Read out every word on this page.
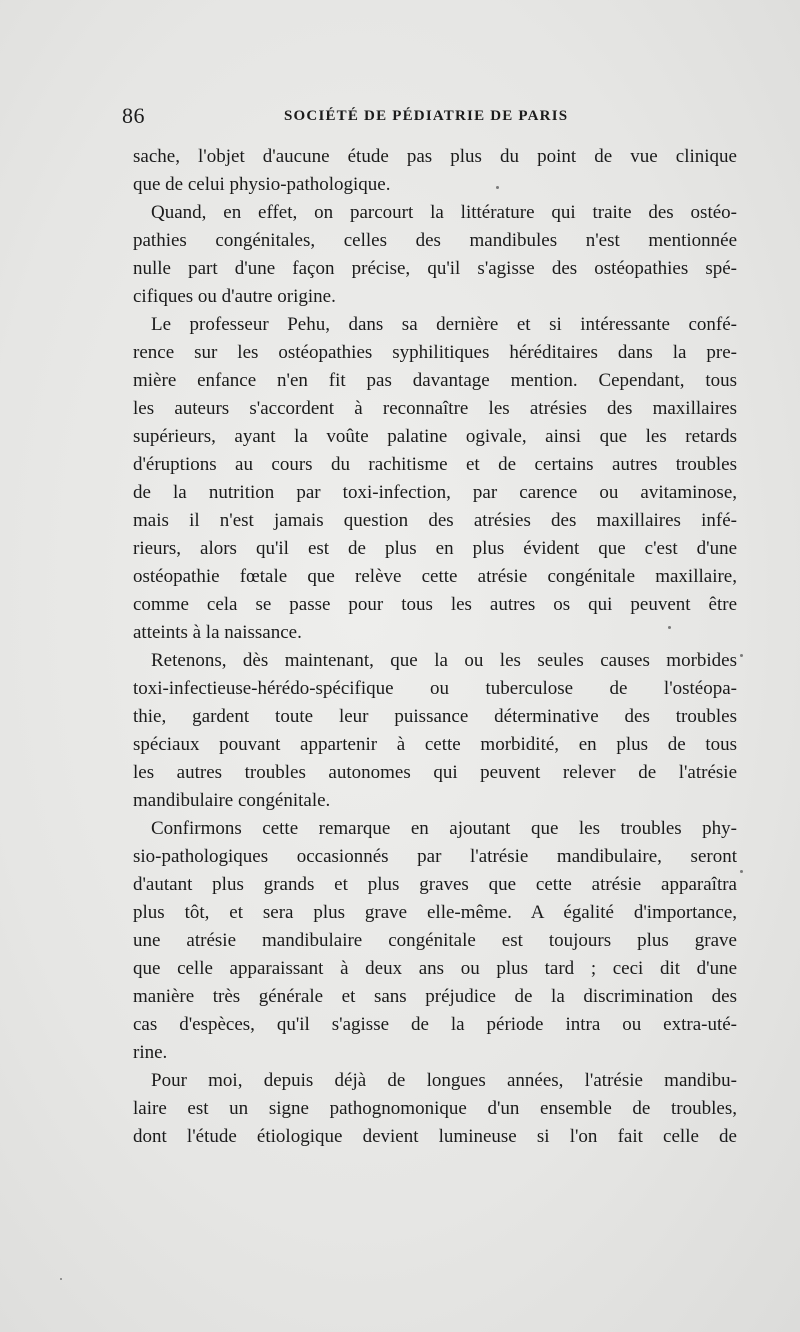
86	SOCIÉTÉ DE PÉDIATRIE DE PARIS
sache, l'objet d'aucune étude pas plus du point de vue clinique
que de celui physio-pathologique.
Quand, en effet, on parcourt la littérature qui traite des ostéo-
pathies congénitales, celles des mandibules n'est mentionnée
nulle part d'une façon précise, qu'il s'agisse des ostéopathies spé-
cifiques ou d'autre origine.
Le professeur Pehu, dans sa dernière et si intéressante confé-
rence sur les ostéopathies syphilitiques héréditaires dans la pre-
mière enfance n'en fit pas davantage mention. Cependant, tous
les auteurs s'accordent à reconnaître les atrésies des maxillaires
supérieurs, ayant la voûte palatine ogivale, ainsi que les retards
d'éruptions au cours du rachitisme et de certains autres troubles
de la nutrition par toxi-infection, par carence ou avitaminose,
mais il n'est jamais question des atrésies des maxillaires infé-
rieurs, alors qu'il est de plus en plus évident que c'est d'une
ostéopathie fœtale que relève cette atrésie congénitale maxillaire,
comme cela se passe pour tous les autres os qui peuvent être
atteints à la naissance.
Retenons, dès maintenant, que la ou les seules causes morbides
toxi-infectieuse-hérédo-spécifique ou tuberculose de l'ostéopa-
thie, gardent toute leur puissance déterminative des troubles
spéciaux pouvant appartenir à cette morbidité, en plus de tous
les autres troubles autonomes qui peuvent relever de l'atrésie
mandibulaire congénitale.
Confirmons cette remarque en ajoutant que les troubles phy-
sio-pathologiques occasionnés par l'atrésie mandibulaire, seront
d'autant plus grands et plus graves que cette atrésie apparaîtra
plus tôt, et sera plus grave elle-même. A égalité d'importance,
une atrésie mandibulaire congénitale est toujours plus grave
que celle apparaissant à deux ans ou plus tard ; ceci dit d'une
manière très générale et sans préjudice de la discrimination des
cas d'espèces, qu'il s'agisse de la période intra ou extra-uté-
rine.
Pour moi, depuis déjà de longues années, l'atrésie mandibu-
laire est un signe pathognomonique d'un ensemble de troubles,
dont l'étude étiologique devient lumineuse si l'on fait celle de
